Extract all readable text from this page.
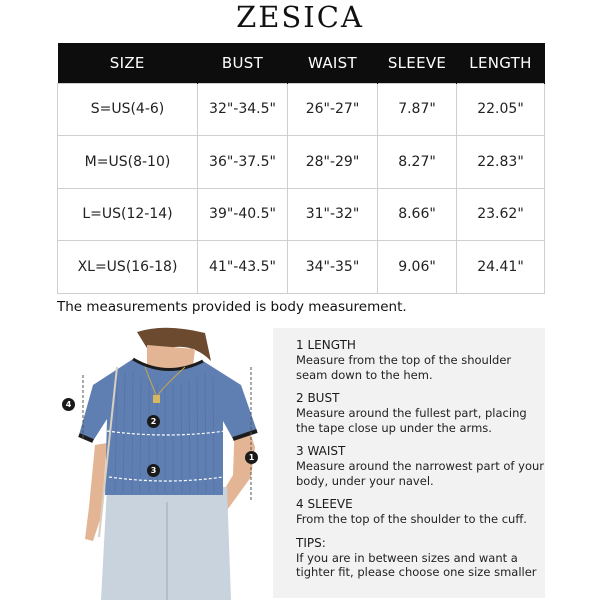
ZESICA
SIZE	BUST	WAIST	SLEEVE	LENGTH
S=US(4-6)	32"-34.5"	26"-27"	7.87"	22.05"
M=US(8-10)	36"-37.5"	28"-29"	8.27"	22.83"
L=US(12-14)	39"-40.5"	31"-32"	8.66"	23.62"
XL=US(16-18)	41"-43.5"	34"-35"	9.06"	24.41"
The measurements provided is body measurement.
1
2
3
4
1 LENGTH
Measure from the top of the shoulder seam down to the hem.
2 BUST
Measure around the fullest part, placing the tape close up under the arms.
3 WAIST
Measure around the narrowest part of your body, under your navel.
4 SLEEVE
From the top of the shoulder to the cuff.
TIPS:
If you are in between sizes and want a tighter fit, please choose one size smaller
